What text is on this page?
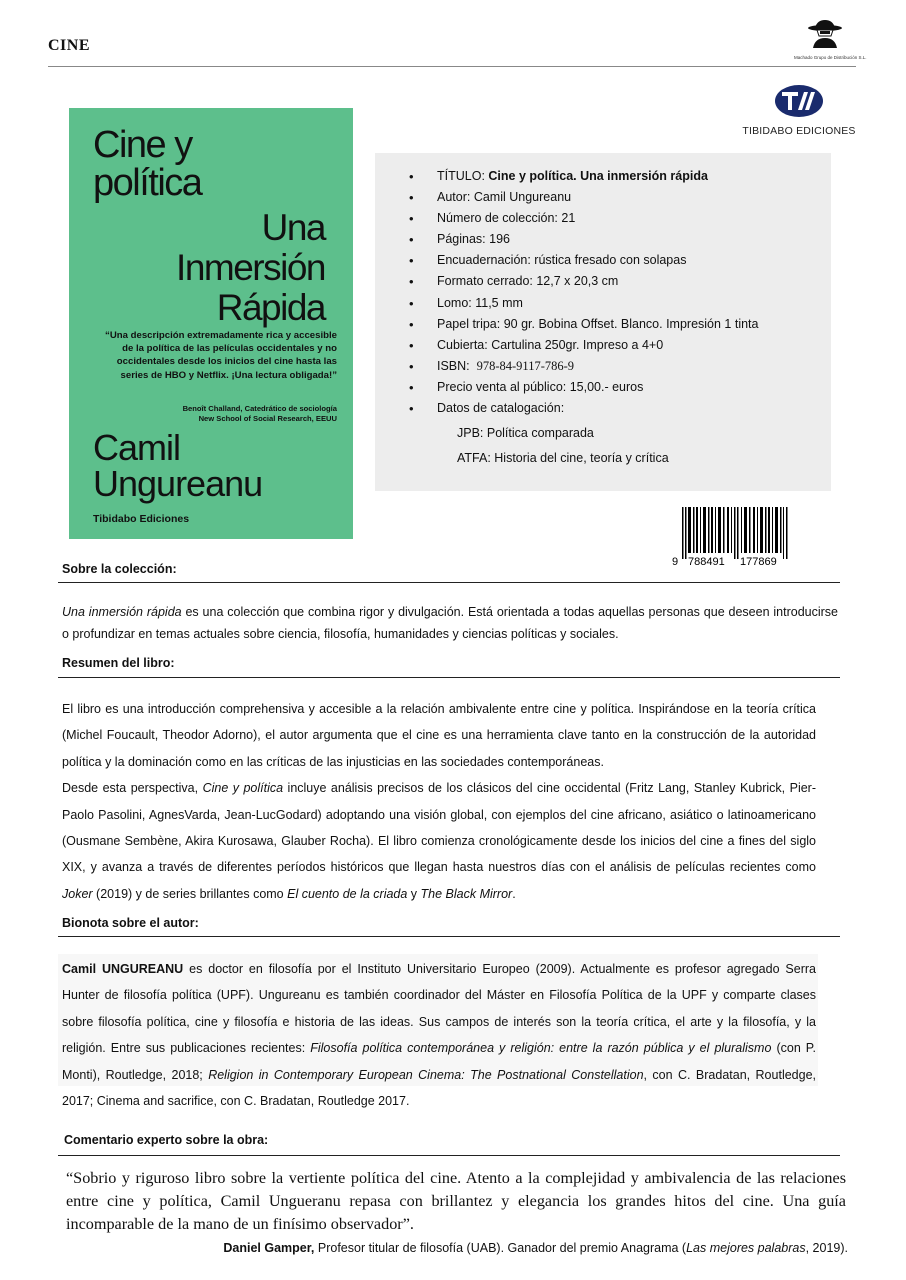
CINE
Machado Grupo de Distribución S.L.
TIBIDABO EDICIONES
Cine y
política
Una
Inmersión
Rápida
“Una descripción extremadamente rica y accesible de la política de las películas occidentales y no occidentales desde los inicios del cine hasta las series de HBO y Netflix. ¡Una lectura obligada!”
Benoît Challand, Catedrático de sociología
New School of Social Research, EEUU
Camil
Ungureanu
Tibidabo Ediciones
• TÍTULO: Cine y política. Una inmersión rápida
• Autor: Camil Ungureanu
• Número de colección: 21
• Páginas: 196
• Encuadernación: rústica fresado con solapas
• Formato cerrado: 12,7 x 20,3 cm
• Lomo: 11,5 mm
• Papel tripa: 90 gr. Bobina Offset. Blanco. Impresión 1 tinta
• Cubierta: Cartulina 250gr. Impreso a 4+0
• ISBN:  978-84-9117-786-9
• Precio venta al público: 15,00.- euros
• Datos de catalogación:
JPB: Política comparada
ATFA: Historia del cine, teoría y crítica
9 788491 177869
Sobre la colección:

Una inmersión rápida es una colección que combina rigor y divulgación. Está orientada a todas aquellas personas que deseen introducirse o profundizar en temas actuales sobre ciencia, filosofía, humanidades y ciencias políticas y sociales.

Resumen del libro:

El libro es una introducción comprehensiva y accesible a la relación ambivalente entre cine y política. Inspirándose en la teoría crítica (Michel Foucault, Theodor Adorno), el autor argumenta que el cine es una herramienta clave tanto en la construcción de la autoridad política y la dominación como en las críticas de las injusticias en las sociedades contemporáneas.

Desde esta perspectiva, Cine y política incluye análisis precisos de los clásicos del cine occidental (Fritz Lang, Stanley Kubrick, Pier-Paolo Pasolini, AgnesVarda, Jean-LucGodard) adoptando una visión global, con ejemplos del cine africano, asiático o latinoamericano (Ousmane Sembène, Akira Kurosawa, Glauber Rocha). El libro comienza cronológicamente desde los inicios del cine a fines del siglo XIX, y avanza a través de diferentes períodos históricos que llegan hasta nuestros días con el análisis de películas recientes como Joker (2019) y de series brillantes como El cuento de la criada y The Black Mirror.

Bionota sobre el autor:

Camil UNGUREANU es doctor en filosofía por el Instituto Universitario Europeo (2009). Actualmente es profesor agregado Serra Hunter de filosofía política (UPF). Ungureanu es también coordinador del Máster en Filosofía Política de la UPF y comparte clases sobre filosofía política, cine y filosofía e historia de las ideas. Sus campos de interés son la teoría crítica, el arte y la filosofía, y la religión. Entre sus publicaciones recientes: Filosofía política contemporánea y religión: entre la razón pública y el pluralismo (con P. Monti), Routledge, 2018; Religion in Contemporary European Cinema: The Postnational Constellation, con C. Bradatan, Routledge, 2017; Cinema and sacrifice, con C. Bradatan, Routledge 2017.

Comentario experto sobre la obra:

“Sobrio y riguroso libro sobre la vertiente política del cine. Atento a la complejidad y ambivalencia de las relaciones entre cine y política, Camil Ungueranu repasa con brillantez y elegancia los grandes hitos del cine. Una guía incomparable de la mano de un finísimo observador”.

Daniel Gamper, Profesor titular de filosofía (UAB). Ganador del premio Anagrama (Las mejores palabras, 2019).
